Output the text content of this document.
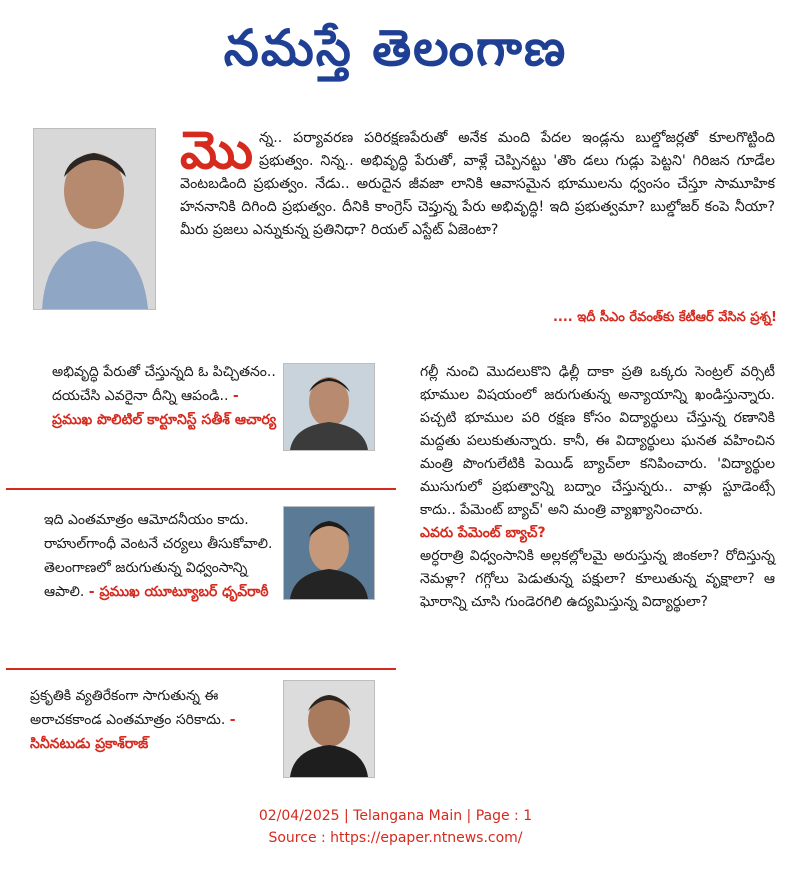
నమస్తే తెలంగాణ
మొ న్న.. పర్యావరణ పరిరక్షణపేరుతో అనేక మంది పేదల ఇండ్లను బుల్డోజర్లతో కూలగొట్టింది ప్రభుత్వం. నిన్న.. అభివృద్ధి పేరుతో, వాళ్లే చెప్పినట్టు 'తొం డలు గుడ్లు పెట్టని' గిరిజన గూడేల వెంటబడింది ప్రభుత్వం. నేడు.. అరుదైన జీవజా లానికి ఆవాసమైన భూములను ధ్వంసం చేస్తూ సామూహిక హననానికి దిగింది ప్రభుత్వం. దీనికి కాంగ్రెస్ చెప్తున్న పేరు అభివృద్ధి! ఇది ప్రభుత్వమా? బుల్డోజర్ కంపె నీయా? మీరు ప్రజలు ఎన్నుకున్న ప్రతినిధా? రియల్ ఎస్టేట్ ఏజెంటా?
.... ఇదీ సీఎం రేవంత్‌కు కేటీఆర్ వేసిన ప్రశ్న!
అభివృద్ధి పేరుతో చేస్తున్నది ఓ పిచ్చితనం.. దయచేసి ఎవరైనా దీన్ని ఆపండి.. - ప్రముఖ పొలిటిల్ కార్టూనిస్ట్ సతీశ్ ఆచార్య
ఇది ఎంతమాత్రం ఆమోదనీయం కాదు. రాహుల్‌గాంధీ వెంటనే చర్యలు తీసుకోవాలి. తెలంగాణలో జరుగుతున్న విధ్వంసాన్ని ఆపాలి. - ప్రముఖ యూట్యూబర్ ధృవ్‌రాఠీ
ప్రకృతికి వ్యతిరేకంగా సాగుతున్న ఈ అరాచకకాండ ఎంతమాత్రం సరికాదు. - సినీనటుడు ప్రకాశ్‌రాజ్
గల్లీ నుంచి మొదలుకొని ఢిల్లీ దాకా ప్రతి ఒక్కరు సెంట్రల్ వర్సిటీ భూముల విషయంలో జరుగుతున్న అన్యాయాన్ని ఖండిస్తున్నారు. పచ్చటి భూముల పరి రక్షణ కోసం విద్యార్థులు చేస్తున్న రణానికి మద్దతు పలుకుతున్నారు. కానీ, ఈ విద్యార్థులు ఘనత వహించిన మంత్రి పొంగులేటికి పెయిడ్ బ్యాచ్‌లా కనిపించారు. 'విద్యార్థుల ముసుగులో ప్రభుత్వాన్ని బద్నాం చేస్తున్నరు.. వాళ్లు స్టూడెంట్సే కాదు.. పేమెంట్ బ్యాచ్' అని మంత్రి వ్యాఖ్యానించారు.
ఎవరు పేమెంట్ బ్యాచ్?
అర్ధరాత్రి విధ్వంసానికి అల్లకల్లోలమై అరుస్తున్న జింకలా? రోదిస్తున్న నెమళ్లా? గగ్గోలు పెడుతున్న పక్షులా? కూలుతున్న వృక్షాలా? ఆ ఘోరాన్ని చూసి గుండెరగిలి ఉద్యమిస్తున్న విద్యార్థులా?
02/04/2025 | Telangana Main | Page : 1
Source : https://epaper.ntnews.com/
